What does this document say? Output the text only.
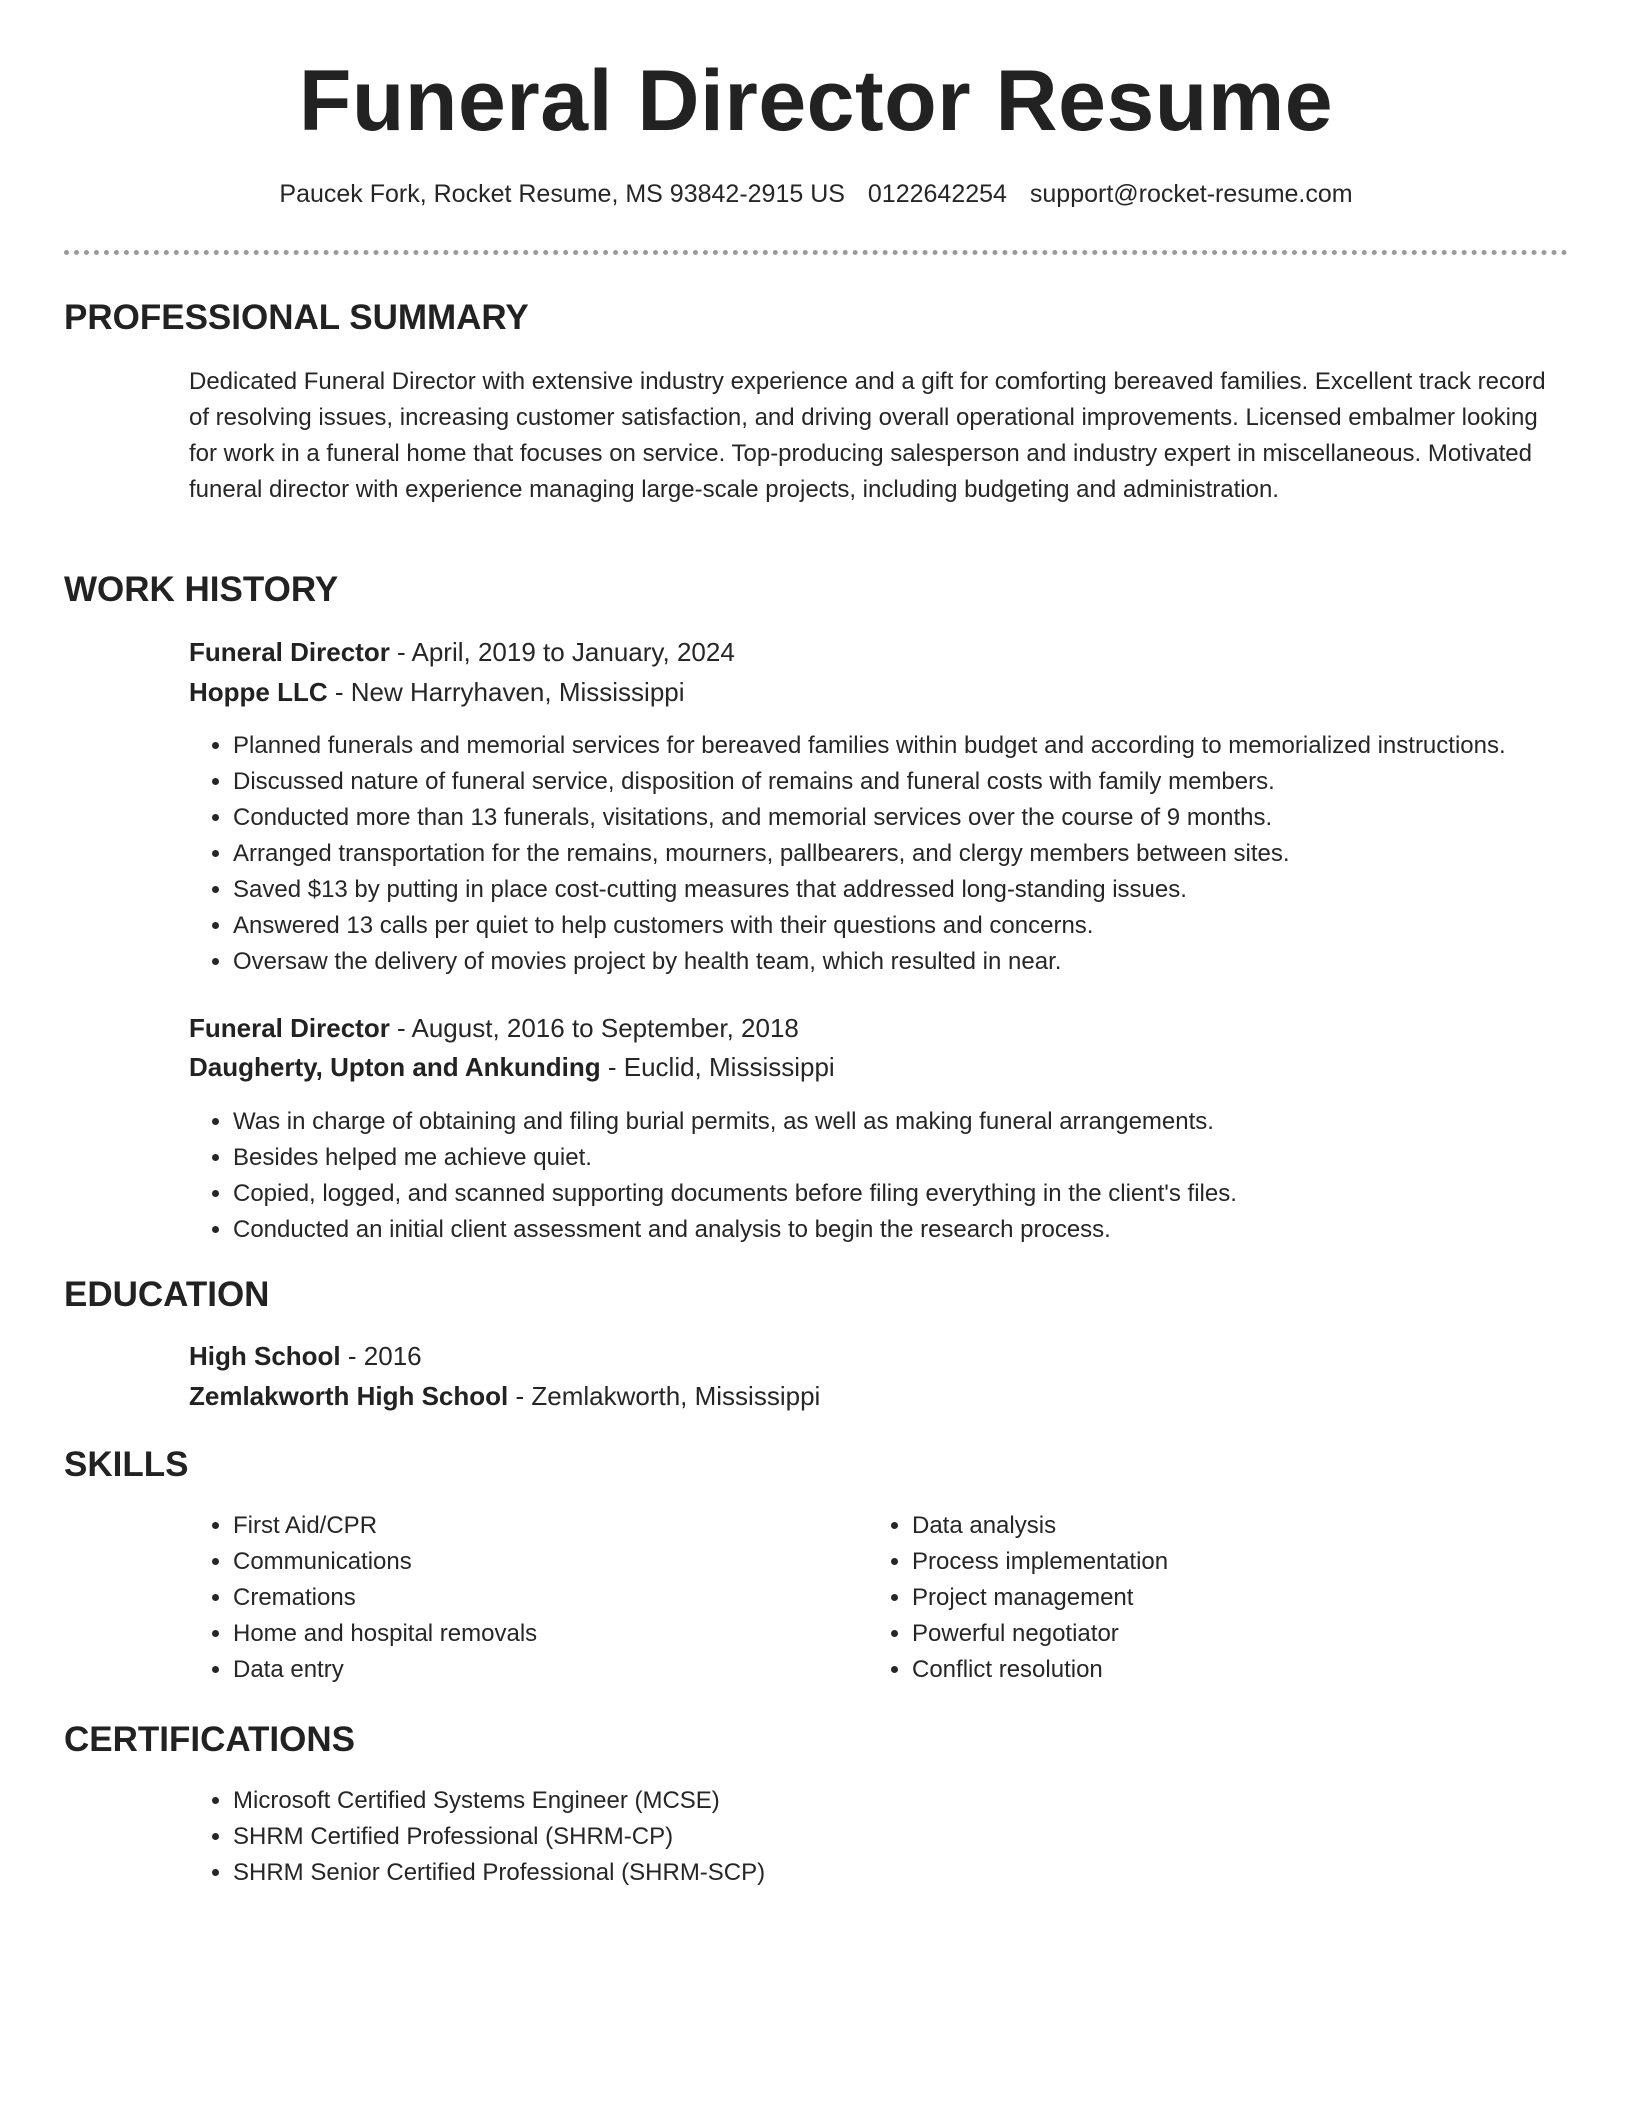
Funeral Director Resume
Paucek Fork, Rocket Resume, MS 93842-2915 US 0122642254 support@rocket-resume.com
PROFESSIONAL SUMMARY

Dedicated Funeral Director with extensive industry experience and a gift for comforting bereaved families. Excellent track record of resolving issues, increasing customer satisfaction, and driving overall operational improvements. Licensed embalmer looking for work in a funeral home that focuses on service. Top-producing salesperson and industry expert in miscellaneous. Motivated funeral director with experience managing large-scale projects, including budgeting and administration.

WORK HISTORY
Funeral Director - April, 2019 to January, 2024
Hoppe LLC - New Harryhaven, Mississippi
• Planned funerals and memorial services for bereaved families within budget and according to memorialized instructions.
• Discussed nature of funeral service, disposition of remains and funeral costs with family members.
• Conducted more than 13 funerals, visitations, and memorial services over the course of 9 months.
• Arranged transportation for the remains, mourners, pallbearers, and clergy members between sites.
• Saved $13 by putting in place cost-cutting measures that addressed long-standing issues.
• Answered 13 calls per quiet to help customers with their questions and concerns.
• Oversaw the delivery of movies project by health team, which resulted in near.
Funeral Director - August, 2016 to September, 2018
Daugherty, Upton and Ankunding - Euclid, Mississippi
• Was in charge of obtaining and filing burial permits, as well as making funeral arrangements.
• Besides helped me achieve quiet.
• Copied, logged, and scanned supporting documents before filing everything in the client's files.
• Conducted an initial client assessment and analysis to begin the research process.
EDUCATION
High School - 2016
Zemlakworth High School - Zemlakworth, Mississippi
SKILLS
• First Aid/CPR
• Communications
• Cremations
• Home and hospital removals
• Data entry
• Data analysis
• Process implementation
• Project management
• Powerful negotiator
• Conflict resolution
CERTIFICATIONS
• Microsoft Certified Systems Engineer (MCSE)
• SHRM Certified Professional (SHRM-CP)
• SHRM Senior Certified Professional (SHRM-SCP)
